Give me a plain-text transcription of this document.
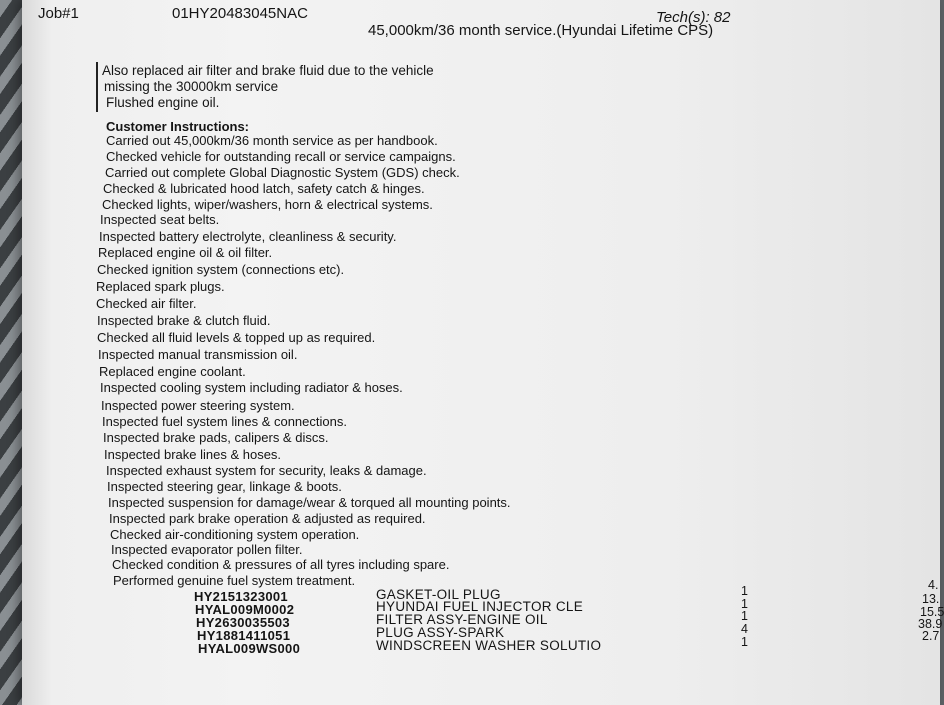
Job#1	01HY20483045NAC	Tech(s): 82
45,000km/36 month service.(Hyundai Lifetime CPS)
Also replaced air filter and brake fluid due to the vehicle
missing the 30000km service
Flushed engine oil.
Customer Instructions:
Carried out 45,000km/36 month service as per handbook.
Checked vehicle for outstanding recall or service campaigns.
Carried out complete Global Diagnostic System (GDS) check.
Checked & lubricated hood latch, safety catch & hinges.
Checked lights, wiper/washers, horn & electrical systems.
Inspected seat belts.
Inspected battery electrolyte, cleanliness & security.
Replaced engine oil & oil filter.
Checked ignition system (connections etc).
Replaced spark plugs.
Checked air filter.
Inspected brake & clutch fluid.
Checked all fluid levels & topped up as required.
Inspected manual transmission oil.
Replaced engine coolant.
Inspected cooling system including radiator & hoses.
Inspected power steering system.
Inspected fuel system lines & connections.
Inspected brake pads, calipers & discs.
Inspected brake lines & hoses.
Inspected exhaust system for security, leaks & damage.
Inspected steering gear, linkage & boots.
Inspected suspension for damage/wear & torqued all mounting points.
Inspected park brake operation & adjusted as required.
Checked air-conditioning system operation.
Inspected evaporator pollen filter.
Checked condition & pressures of all tyres including spare.
Performed genuine fuel system treatment.
HY2151323001	GASKET-OIL PLUG	1	4.
HYAL009M0002	HYUNDAI FUEL INJECTOR CLE	1	13.
HY2630035503	FILTER ASSY-ENGINE OIL	1	15.5
HY1881411051	PLUG ASSY-SPARK	4	38.9
HYAL009WS000	WINDSCREEN WASHER SOLUTIO	1	2.7
